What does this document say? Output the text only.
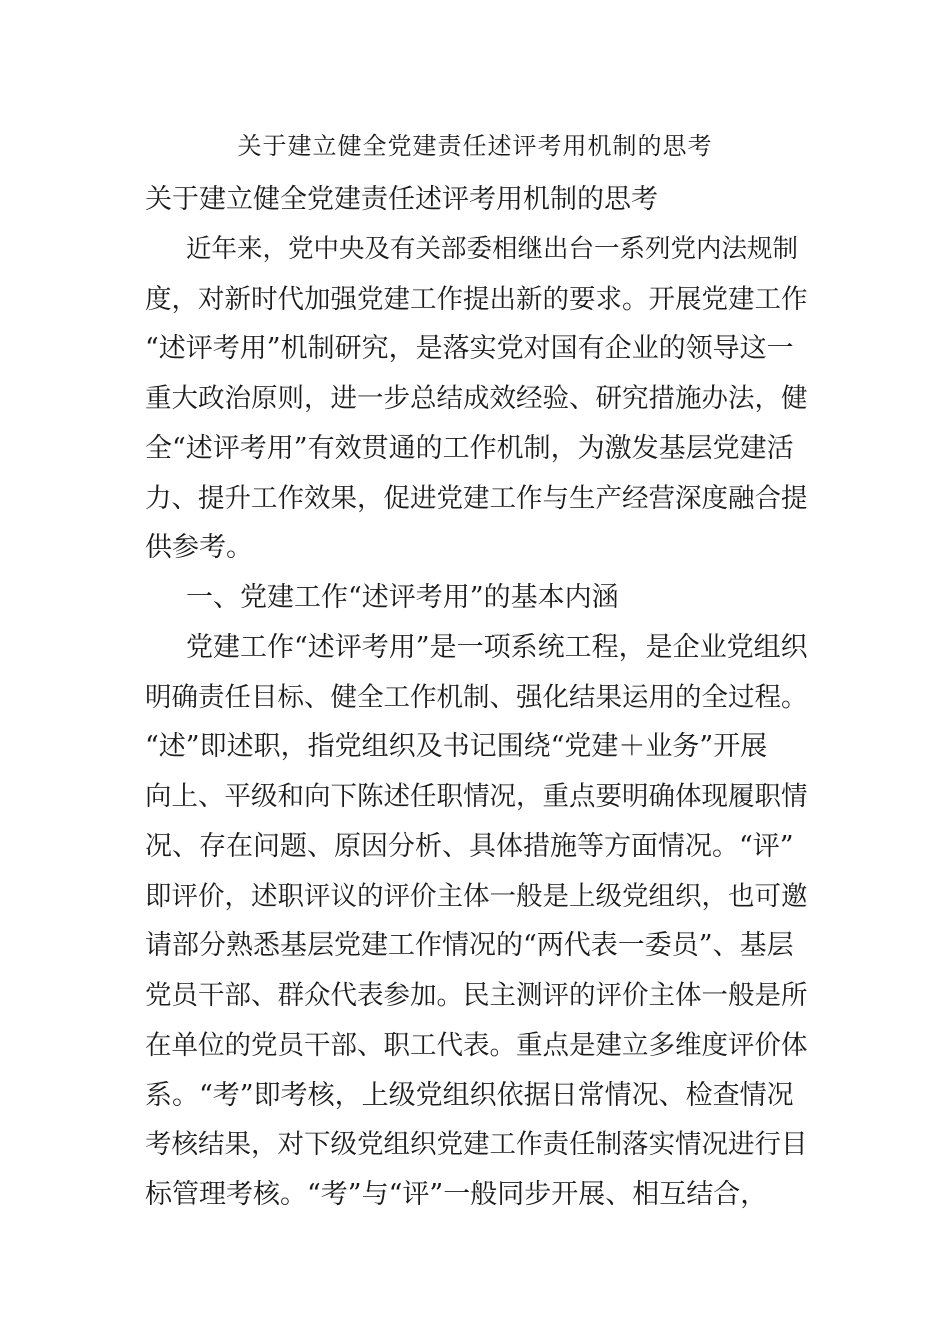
关于建立健全党建责任述评考用机制的思考
关于建立健全党建责任述评考用机制的思考
近年来，党中央及有关部委相继出台一系列党内法规制
度，对新时代加强党建工作提出新的要求。开展党建工作
“述评考用”机制研究，是落实党对国有企业的领导这一
重大政治原则，进一步总结成效经验、研究措施办法，健
全“述评考用”有效贯通的工作机制，为激发基层党建活
力、提升工作效果，促进党建工作与生产经营深度融合提
供参考。
一、党建工作“述评考用”的基本内涵
党建工作“述评考用”是一项系统工程，是企业党组织
明确责任目标、健全工作机制、强化结果运用的全过程。
“述”即述职，指党组织及书记围绕“党建＋业务”开展
向上、平级和向下陈述任职情况，重点要明确体现履职情
况、存在问题、原因分析、具体措施等方面情况。“评”
即评价，述职评议的评价主体一般是上级党组织，也可邀
请部分熟悉基层党建工作情况的“两代表一委员”、基层
党员干部、群众代表参加。民主测评的评价主体一般是所
在单位的党员干部、职工代表。重点是建立多维度评价体
系。“考”即考核，上级党组织依据日常情况、检查情况
考核结果，对下级党组织党建工作责任制落实情况进行目
标管理考核。“考”与“评”一般同步开展、相互结合，
